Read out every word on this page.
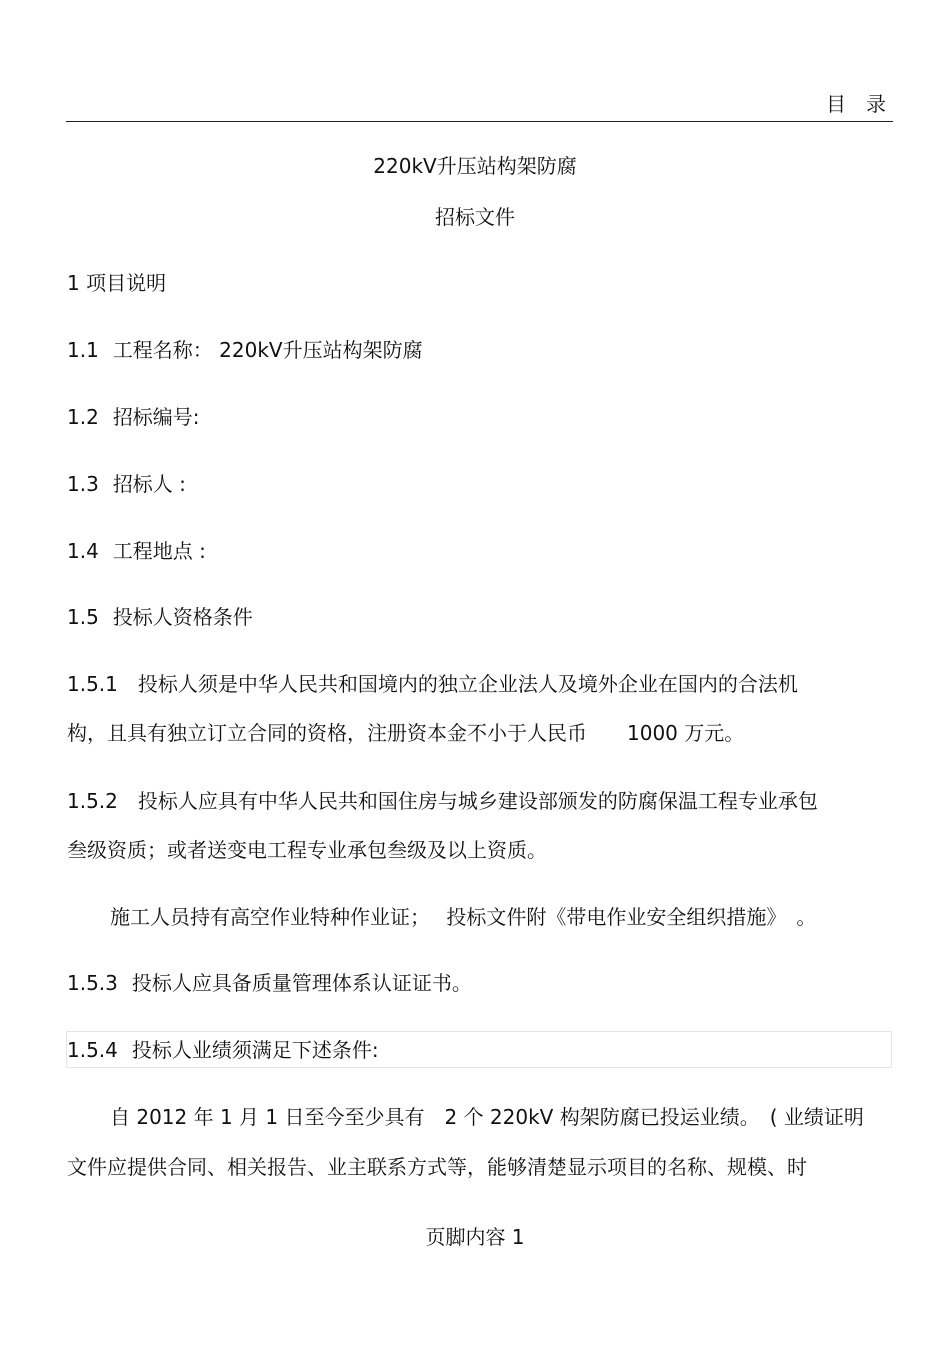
目　录
220kV升压站构架防腐
招标文件
1 项目说明
1.1 工程名称： 220kV升压站构架防腐
1.2 招标编号:
1.3 招标人 :
1.4 工程地点 :
1.5 投标人资格条件
1.5.1 投标人须是中华人民共和国境内的独立企业法人及境外企业在国内的合法机
构，且具有独立订立合同的资格，注册资本金不小于人民币　　1000 万元。
1.5.2 投标人应具有中华人民共和国住房与城乡建设部颁发的防腐保温工程专业承包
叁级资质；或者送变电工程专业承包叁级及以上资质。
施工人员持有高空作业特种作业证；　 投标文件附《带电作业安全组织措施》　。
1.5.3 投标人应具备质量管理体系认证证书。
1.5.4 投标人业绩须满足下述条件:
自 2012 年 1 月 1 日至今至少具有　2 个 220kV 构架防腐已投运业绩。　( 业绩证明
文件应提供合同、相关报告、业主联系方式等，能够清楚显示项目的名称、规模、时
页脚内容 1
